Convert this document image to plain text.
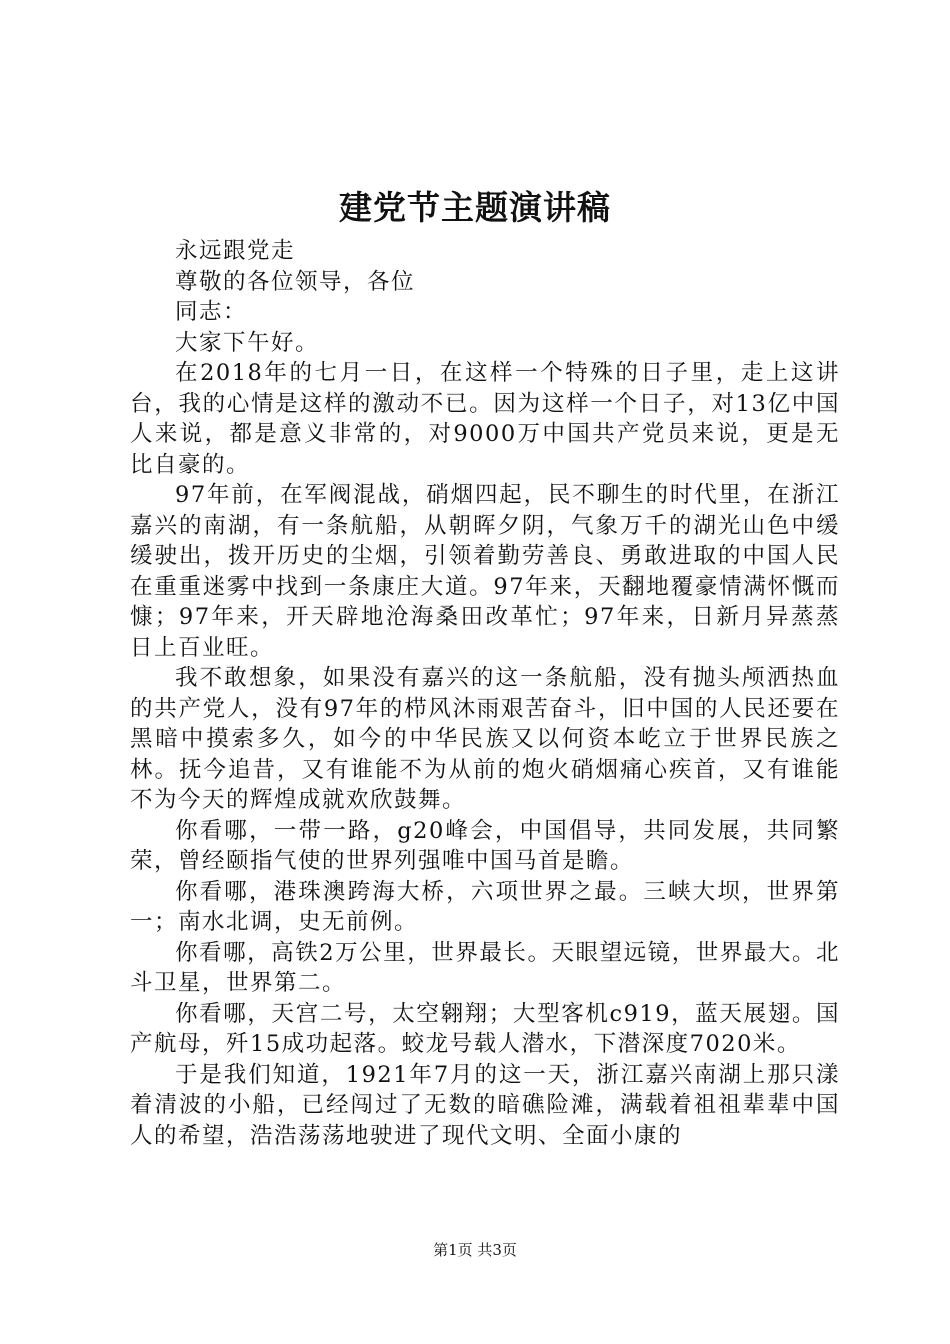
建党节主题演讲稿

永远跟党走

尊敬的各位领导，各位

同志：

大家下午好。

在2018年的七月一日，在这样一个特殊的日子里，走上这讲台，我的心情是这样的激动不已。因为这样一个日子，对13亿中国人来说，都是意义非常的，对9000万中国共产党员来说，更是无比自豪的。

97年前，在军阀混战，硝烟四起，民不聊生的时代里，在浙江嘉兴的南湖，有一条航船，从朝晖夕阴，气象万千的湖光山色中缓缓驶出，拨开历史的尘烟，引领着勤劳善良、勇敢进取的中国人民在重重迷雾中找到一条康庄大道。97年来，天翻地覆豪情满怀慨而慷；97年来，开天辟地沧海桑田改革忙；97年来，日新月异蒸蒸日上百业旺。

我不敢想象，如果没有嘉兴的这一条航船，没有抛头颅洒热血的共产党人，没有97年的栉风沐雨艰苦奋斗，旧中国的人民还要在黑暗中摸索多久，如今的中华民族又以何资本屹立于世界民族之林。抚今追昔，又有谁能不为从前的炮火硝烟痛心疾首，又有谁能不为今天的辉煌成就欢欣鼓舞。

你看哪，一带一路，g20峰会，中国倡导，共同发展，共同繁荣，曾经颐指气使的世界列强唯中国马首是瞻。

你看哪，港珠澳跨海大桥，六项世界之最。三峡大坝，世界第一；南水北调，史无前例。

你看哪，高铁2万公里，世界最长。天眼望远镜，世界最大。北斗卫星，世界第二。

你看哪，天宫二号，太空翱翔；大型客机c919，蓝天展翅。国产航母，歼15成功起落。蛟龙号载人潜水，下潜深度7020米。

于是我们知道，1921年7月的这一天，浙江嘉兴南湖上那只漾着清波的小船，已经闯过了无数的暗礁险滩，满载着祖祖辈辈中国人的希望，浩浩荡荡地驶进了现代文明、全面小康的

第1页 共3页
